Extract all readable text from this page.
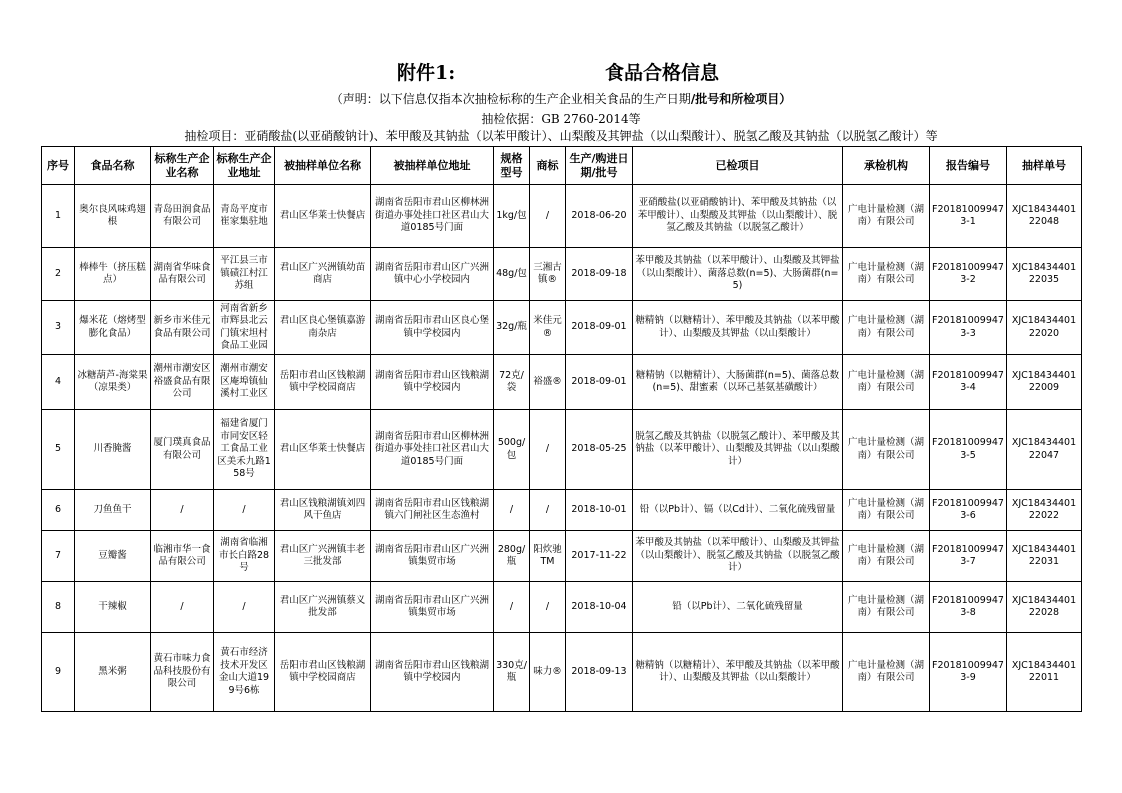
附件1:	食品合格信息
（声明：以下信息仅指本次抽检标称的生产企业相关食品的生产日期/批号和所检项目）
抽检依据：GB 2760-2014等
抽检项目：亚硝酸盐(以亚硝酸钠计)、苯甲酸及其钠盐（以苯甲酸计）、山梨酸及其钾盐（以山梨酸计）、脱氢乙酸及其钠盐（以脱氢乙酸计）等
序号	食品名称	标称生产企业名称	标称生产企业地址	被抽样单位名称	被抽样单位地址	规格型号	商标	生产/购进日期/批号	已检项目	承检机构	报告编号	抽样单号
1	奥尔良风味鸡翅根	青岛田润食品有限公司	青岛平度市崔家集驻地	君山区华莱士快餐店	湖南省岳阳市君山区柳林洲街道办事处挂口社区君山大道0185号门面	1kg/包	/	2018-06-20	亚硝酸盐(以亚硝酸钠计)、苯甲酸及其钠盐（以苯甲酸计）、山梨酸及其钾盐（以山梨酸计）、脱氢乙酸及其钠盐（以脱氢乙酸计）	广电计量检测（湖南）有限公司	F201810099473-1	XJC1843440122048
2	棒棒牛（挤压糕点）	湖南省华味食品有限公司	平江县三市镇碛江村江苏组	君山区广兴洲镇幼苗商店	湖南省岳阳市君山区广兴洲镇中心小学校园内	48g/包	三湘古镇®	2018-09-18	苯甲酸及其钠盐（以苯甲酸计）、山梨酸及其钾盐（以山梨酸计）、菌落总数(n=5)、大肠菌群(n=5)	广电计量检测（湖南）有限公司	F201810099473-2	XJC1843440122035
3	爆米花（熔烤型膨化食品）	新乡市米佳元食品有限公司	河南省新乡市辉县北云门镇宋坦村食品工业园	君山区良心堡镇嘉游南杂店	湖南省岳阳市君山区良心堡镇中学校园内	32g/瓶	米佳元®	2018-09-01	糖精钠（以糖精计）、苯甲酸及其钠盐（以苯甲酸计）、山梨酸及其钾盐（以山梨酸计）	广电计量检测（湖南）有限公司	F201810099473-3	XJC1843440122020
4	冰糖葫芦-海棠果（凉果类）	潮州市潮安区裕盛食品有限公司	潮州市潮安区庵埠镇仙溪村工业区	岳阳市君山区钱粮湖镇中学校园商店	湖南省岳阳市君山区钱粮湖镇中学校园内	72克/袋	裕盛®	2018-09-01	糖精钠（以糖精计）、大肠菌群(n=5)、菌落总数(n=5)、甜蜜素（以环己基氨基磺酸计）	广电计量检测（湖南）有限公司	F201810099473-4	XJC1843440122009
5	川香腌酱	厦门璞真食品有限公司	福建省厦门市同安区轻工食品工业区美禾九路158号	君山区华莱士快餐店	湖南省岳阳市君山区柳林洲街道办事处挂口社区君山大道0185号门面	500g/包	/	2018-05-25	脱氢乙酸及其钠盐（以脱氢乙酸计）、苯甲酸及其钠盐（以苯甲酸计）、山梨酸及其钾盐（以山梨酸计）	广电计量检测（湖南）有限公司	F201810099473-5	XJC1843440122047
6	刀鱼鱼干	/	/	君山区钱粮湖镇刘四风干鱼店	湖南省岳阳市君山区钱粮湖镇六门闸社区生态渔村	/	/	2018-10-01	铅（以Pb计）、镉（以Cd计）、二氧化硫残留量	广电计量检测（湖南）有限公司	F201810099473-6	XJC1843440122022
7	豆瓣酱	临湘市华一食品有限公司	湖南省临湘市长白路28号	君山区广兴洲镇丰老三批发部	湖南省岳阳市君山区广兴洲镇集贸市场	280g/瓶	阳炊驰TM	2017-11-22	苯甲酸及其钠盐（以苯甲酸计）、山梨酸及其钾盐（以山梨酸计）、脱氢乙酸及其钠盐（以脱氢乙酸计）	广电计量检测（湖南）有限公司	F201810099473-7	XJC1843440122031
8	干辣椒	/	/	君山区广兴洲镇蔡义批发部	湖南省岳阳市君山区广兴洲镇集贸市场	/	/	2018-10-04	铅（以Pb计）、二氧化硫残留量	广电计量检测（湖南）有限公司	F201810099473-8	XJC1843440122028
9	黑米粥	黄石市味力食品科技股份有限公司	黄石市经济技术开发区金山大道199号6栋	岳阳市君山区钱粮湖镇中学校园商店	湖南省岳阳市君山区钱粮湖镇中学校园内	330克/瓶	味力®	2018-09-13	糖精钠（以糖精计）、苯甲酸及其钠盐（以苯甲酸计）、山梨酸及其钾盐（以山梨酸计）	广电计量检测（湖南）有限公司	F201810099473-9	XJC1843440122011
